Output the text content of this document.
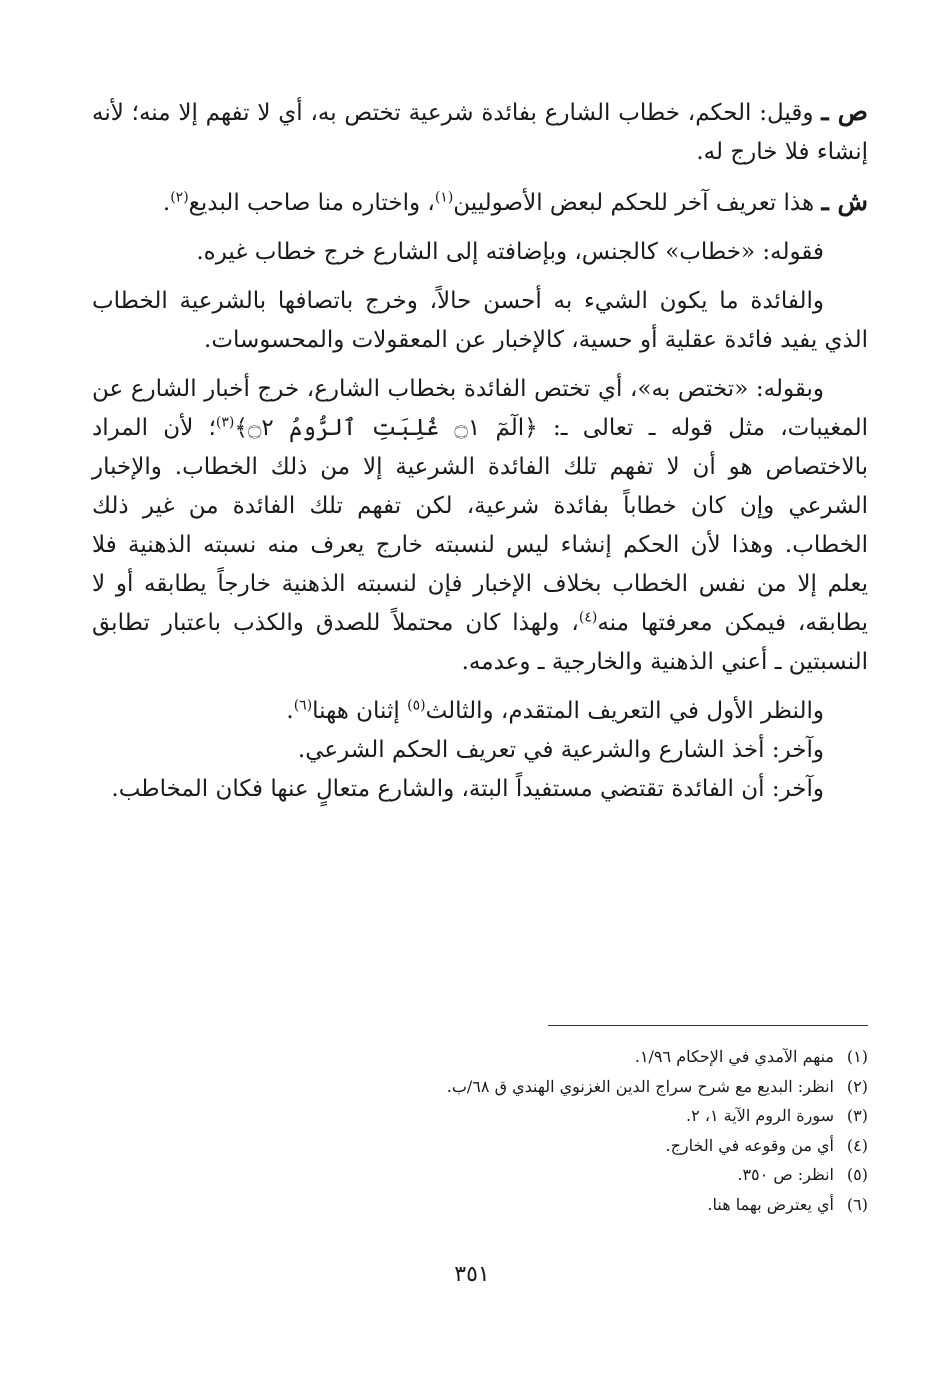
ص ـ وقيل: الحكم، خطاب الشارع بفائدة شرعية تختص به، أي لا تفهم إلا منه؛ لأنه إنشاء فلا خارج له.

ش ـ هذا تعريف آخر للحكم لبعض الأصوليين$^{(١)}$، واختاره منا صاحب البديع$^{(٢)}$.

فقوله: «خطاب» كالجنس، وبإضافته إلى الشارع خرج خطاب غيره.

والفائدة ما يكون الشيء به أحسن حالاً، وخرج باتصافها بالشرعية الخطاب الذي يفيد فائدة عقلية أو حسية، كالإخبار عن المعقولات والمحسوسات.

وبقوله: «تختص به»، أي تختص الفائدة بخطاب الشارع، خرج أخبار الشارع عن المغيبات، مثل قوله ـ تعالى ـ: ﴿الٓمٓ ۝١ غُلِبَتِ ٱلرُّومُ ۝٢﴾$^{(٣)}$؛ لأن المراد بالاختصاص هو أن لا تفهم تلك الفائدة الشرعية إلا من ذلك الخطاب. والإخبار الشرعي وإن كان خطاباً بفائدة شرعية، لكن تفهم تلك الفائدة من غير ذلك الخطاب. وهذا لأن الحكم إنشاء ليس لنسبته خارج يعرف منه نسبته الذهنية فلا يعلم إلا من نفس الخطاب بخلاف الإخبار فإن لنسبته الذهنية خارجاً يطابقه أو لا يطابقه، فيمكن معرفتها منه$^{(٤)}$، ولهذا كان محتملاً للصدق والكذب باعتبار تطابق النسبتين ـ أعني الذهنية والخارجية ـ وعدمه.

والنظر الأول في التعريف المتقدم، والثالث$^{(٥)}$ إثنان ههنا$^{(٦)}$.

وآخر: أخذ الشارع والشرعية في تعريف الحكم الشرعي.

وآخر: أن الفائدة تقتضي مستفيداً البتة، والشارع متعالٍ عنها فكان المخاطب.

(١)منهم الآمدي في الإحكام ١/٩٦.
(٢)انظر: البديع مع شرح سراج الدين الغزنوي الهندي ق ٦٨/ب.
(٣)سورة الروم الآية ١، ٢.
(٤)أي من وقوعه في الخارج.
(٥)انظر: ص ٣٥٠.
(٦)أي يعترض بهما هنا.
٣٥١
